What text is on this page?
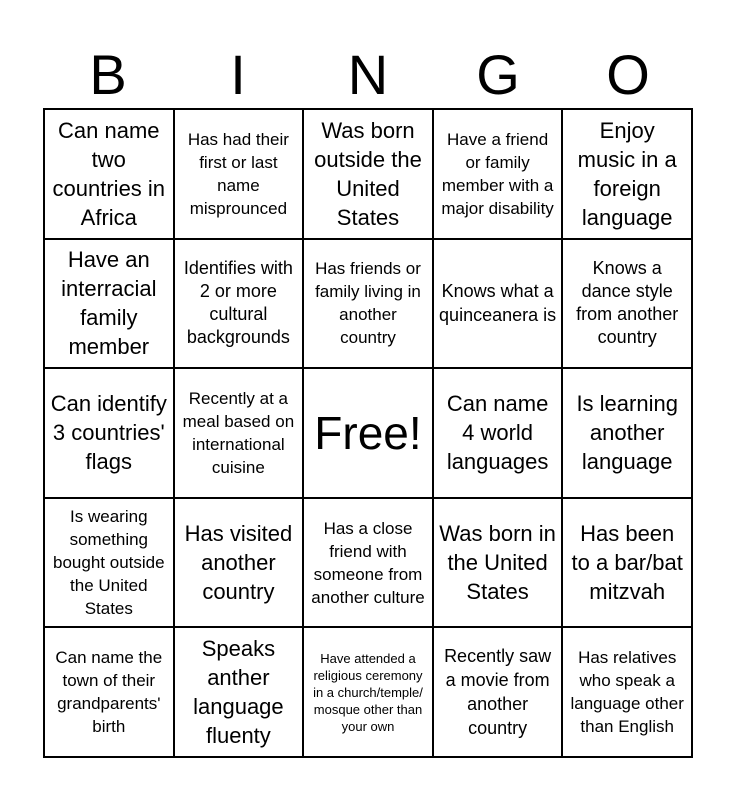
B	I	N	G	O
Can name two countries in Africa
Has had their first or last name misprounced
Was born outside the United States
Have a friend or family member with a major disability
Enjoy music in a foreign language
Have an interracial family member
Identifies with 2 or more cultural backgrounds
Has friends or family living in another country
Knows what a quinceanera is
Knows a dance style from another country
Can identify 3 countries' flags
Recently at a meal based on international cuisine
Free!
Can name 4 world languages
Is learning another language
Is wearing something bought outside the United States
Has visited another country
Has a close friend with someone from another culture
Was born in the United States
Has been to a bar/bat mitzvah
Can name the town of their grandparents' birth
Speaks anther language fluenty
Have attended a religious ceremony in a church/temple/ mosque other than your own
Recently saw a movie from another country
Has relatives who speak a language other than English
